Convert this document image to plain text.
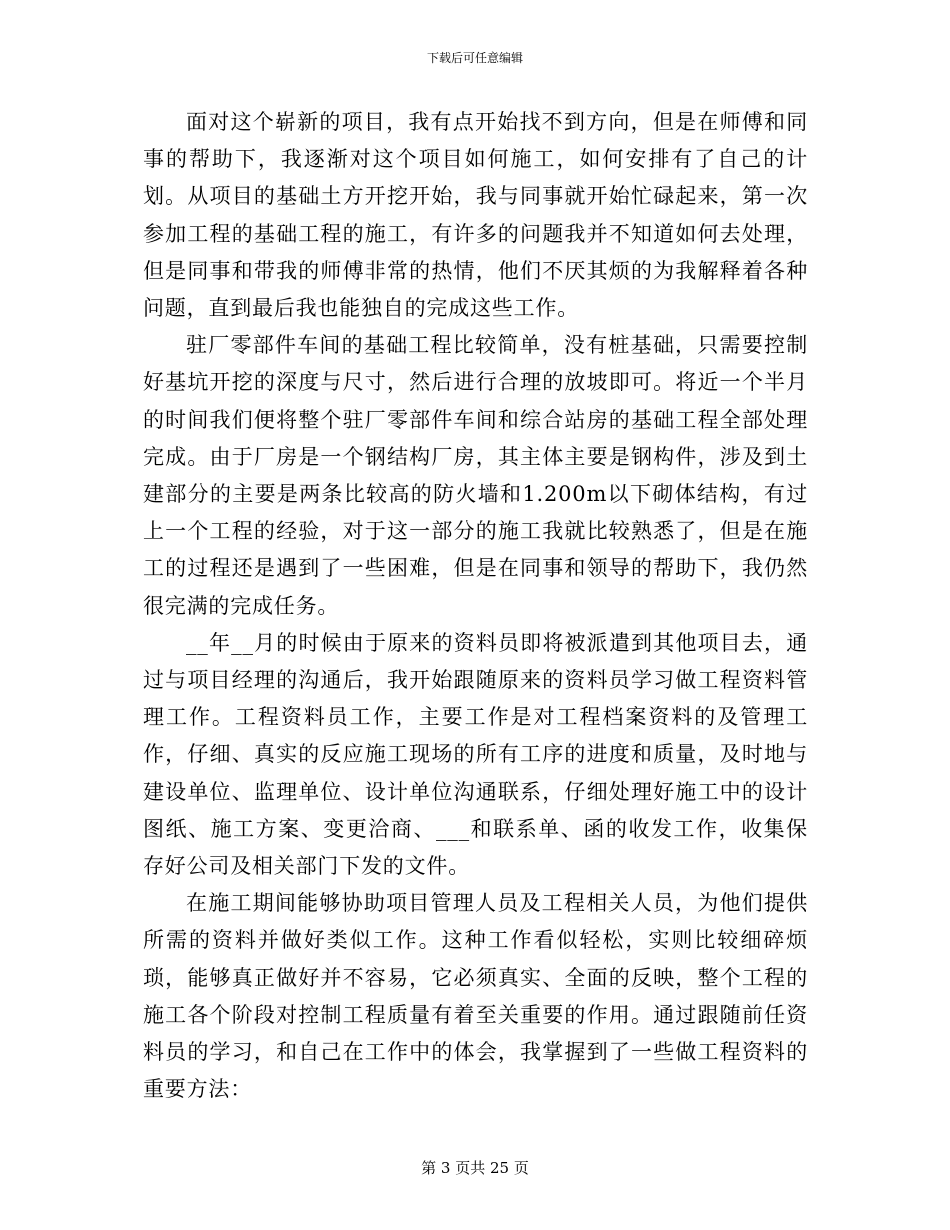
下载后可任意编辑

面对这个崭新的项目，我有点开始找不到方向，但是在师傅和同事的帮助下，我逐渐对这个项目如何施工，如何安排有了自己的计划。从项目的基础土方开挖开始，我与同事就开始忙碌起来，第一次参加工程的基础工程的施工，有许多的问题我并不知道如何去处理，但是同事和带我的师傅非常的热情，他们不厌其烦的为我解释着各种问题，直到最后我也能独自的完成这些工作。

驻厂零部件车间的基础工程比较简单，没有桩基础，只需要控制好基坑开挖的深度与尺寸，然后进行合理的放坡即可。将近一个半月的时间我们便将整个驻厂零部件车间和综合站房的基础工程全部处理完成。由于厂房是一个钢结构厂房，其主体主要是钢构件，涉及到土建部分的主要是两条比较高的防火墙和1.200m以下砌体结构，有过上一个工程的经验，对于这一部分的施工我就比较熟悉了，但是在施工的过程还是遇到了一些困难，但是在同事和领导的帮助下，我仍然很完满的完成任务。

__年__月的时候由于原来的资料员即将被派遣到其他项目去，通过与项目经理的沟通后，我开始跟随原来的资料员学习做工程资料管理工作。工程资料员工作，主要工作是对工程档案资料的及管理工作，仔细、真实的反应施工现场的所有工序的进度和质量，及时地与建设单位、监理单位、设计单位沟通联系，仔细处理好施工中的设计图纸、施工方案、变更洽商、___和联系单、函的收发工作，收集保存好公司及相关部门下发的文件。

在施工期间能够协助项目管理人员及工程相关人员，为他们提供所需的资料并做好类似工作。这种工作看似轻松，实则比较细碎烦琐，能够真正做好并不容易，它必须真实、全面的反映，整个工程的施工各个阶段对控制工程质量有着至关重要的作用。通过跟随前任资料员的学习，和自己在工作中的体会，我掌握到了一些做工程资料的重要方法：

第 3 页共 25 页
